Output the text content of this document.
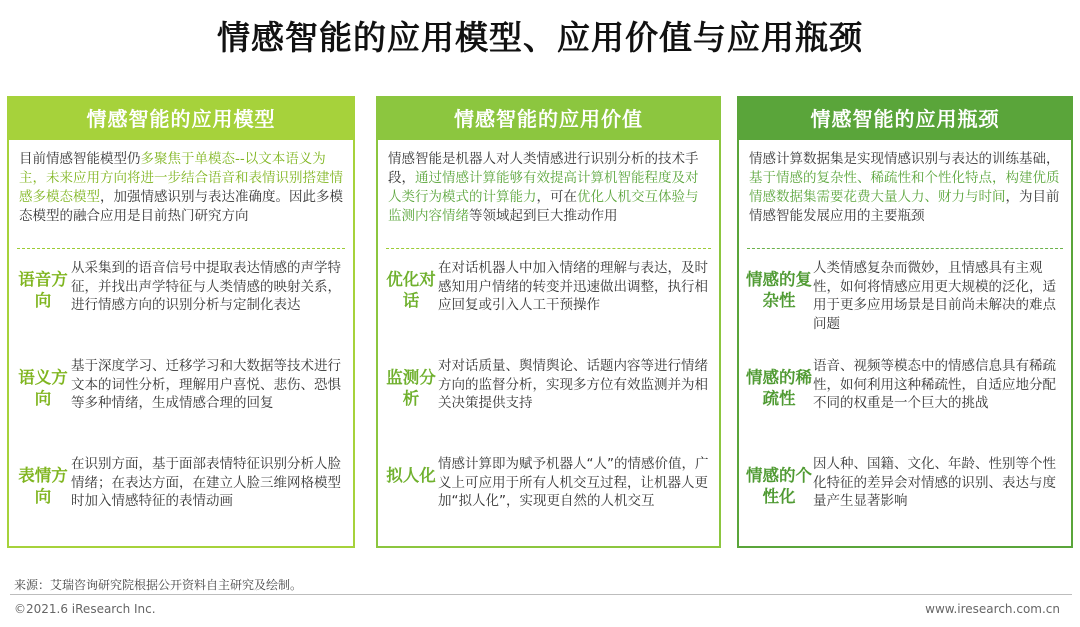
情感智能的应用模型、应用价值与应用瓶颈
情感智能的应用模型
目前情感智能模型仍多聚焦于单模态--以文本语义为主，未来应用方向将进一步结合语音和表情识别搭建情感多模态模型，加强情感识别与表达准确度。因此多模态模型的融合应用是目前热门研究方向
语音方向
从采集到的语音信号中提取表达情感的声学特征，并找出声学特征与人类情感的映射关系，进行情感方向的识别分析与定制化表达
语义方向
基于深度学习、迁移学习和大数据等技术进行文本的词性分析，理解用户喜悦、悲伤、恐惧等多种情绪，生成情感合理的回复
表情方向
在识别方面，基于面部表情特征识别分析人脸情绪；在表达方面，在建立人脸三维网格模型时加入情感特征的表情动画
情感智能的应用价值
情感智能是机器人对人类情感进行识别分析的技术手段，通过情感计算能够有效提高计算机智能程度及对人类行为模式的计算能力，可在优化人机交互体验与监测内容情绪等领域起到巨大推动作用
优化对话
在对话机器人中加入情绪的理解与表达，及时感知用户情绪的转变并迅速做出调整，执行相应回复或引入人工干预操作
监测分析
对对话质量、舆情舆论、话题内容等进行情绪方向的监督分析，实现多方位有效监测并为相关决策提供支持
拟人化
情感计算即为赋予机器人“人”的情感价值，广义上可应用于所有人机交互过程，让机器人更加“拟人化”，实现更自然的人机交互
情感智能的应用瓶颈
情感计算数据集是实现情感识别与表达的训练基础，基于情感的复杂性、稀疏性和个性化特点，构建优质情感数据集需要花费大量人力、财力与时间，为目前情感智能发展应用的主要瓶颈
情感的复杂性
人类情感复杂而微妙，且情感具有主观性，如何将情感应用更大规模的泛化，适用于更多应用场景是目前尚未解决的难点问题
情感的稀疏性
语音、视频等模态中的情感信息具有稀疏性，如何利用这种稀疏性，自适应地分配不同的权重是一个巨大的挑战
情感的个性化
因人种、国籍、文化、年龄、性别等个性化特征的差异会对情感的识别、表达与度量产生显著影响
来源：艾瑞咨询研究院根据公开资料自主研究及绘制。
©2021.6 iResearch Inc.	www.iresearch.com.cn
